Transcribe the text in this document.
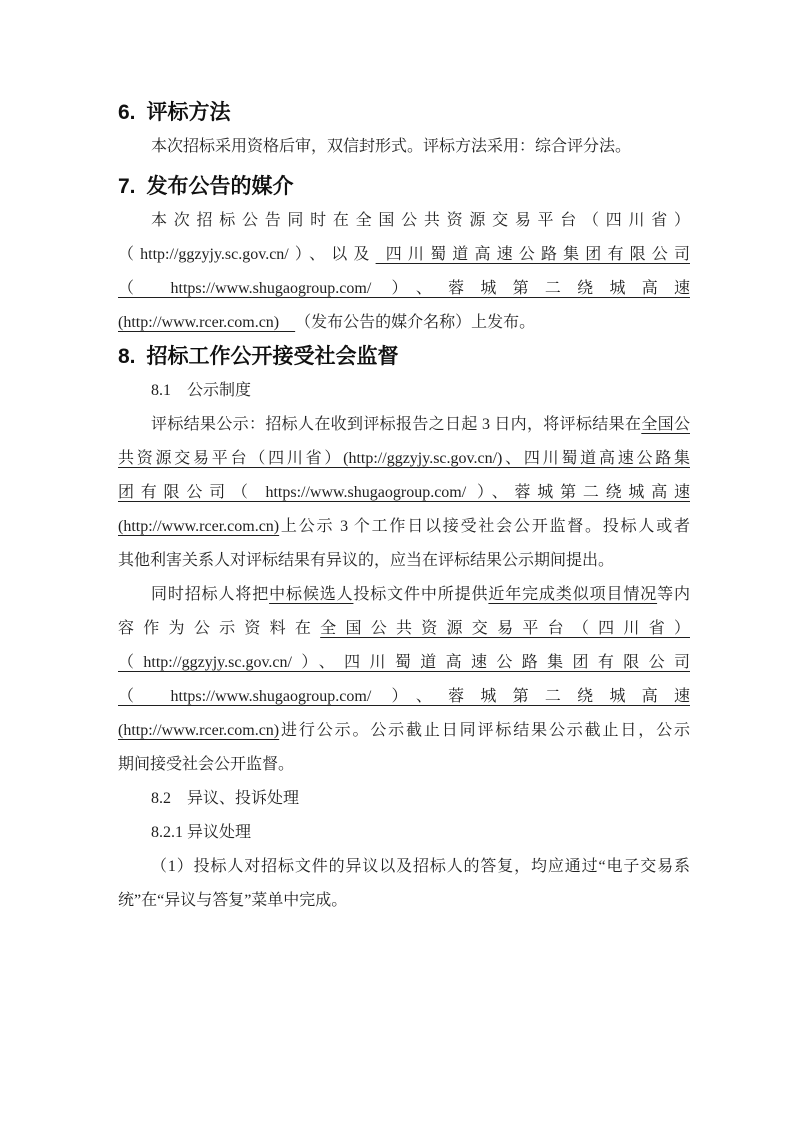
6. 评标方法
本次招标采用资格后审，双信封形式。评标方法采用：综合评分法。
7. 发布公告的媒介
本次招标公告同时在全国公共资源交易平台（四川省）
（http://ggzyjy.sc.gov.cn/）、以及 四川蜀道高速公路集团有限公司
（ https://www.shugaogroup.com/ ）、蓉城第二绕城高速
(http://www.rcer.com.cn)    （发布公告的媒介名称）上发布。
8. 招标工作公开接受社会监督
8.1　公示制度
评标结果公示：招标人在收到评标报告之日起 3 日内，将评标结果在全国公
共资源交易平台（四川省）(http://ggzyjy.sc.gov.cn/)、四川蜀道高速公路集
团有限公司（ https://www.shugaogroup.com/ ）、蓉城第二绕城高速
(http://www.rcer.com.cn)上公示 3 个工作日以接受社会公开监督。投标人或者
其他利害关系人对评标结果有异议的，应当在评标结果公示期间提出。
同时招标人将把中标候选人投标文件中所提供近年完成类似项目情况等内
容作为公示资料在全国公共资源交易平台（四川省）
（http://ggzyjy.sc.gov.cn/）、四川蜀道高速公路集团有限公司
（ https://www.shugaogroup.com/ ）、蓉城第二绕城高速
(http://www.rcer.com.cn)进行公示。公示截止日同评标结果公示截止日，公示
期间接受社会公开监督。
8.2　异议、投诉处理
8.2.1 异议处理
（1）投标人对招标文件的异议以及招标人的答复，均应通过“电子交易系
统”在“异议与答复”菜单中完成。
